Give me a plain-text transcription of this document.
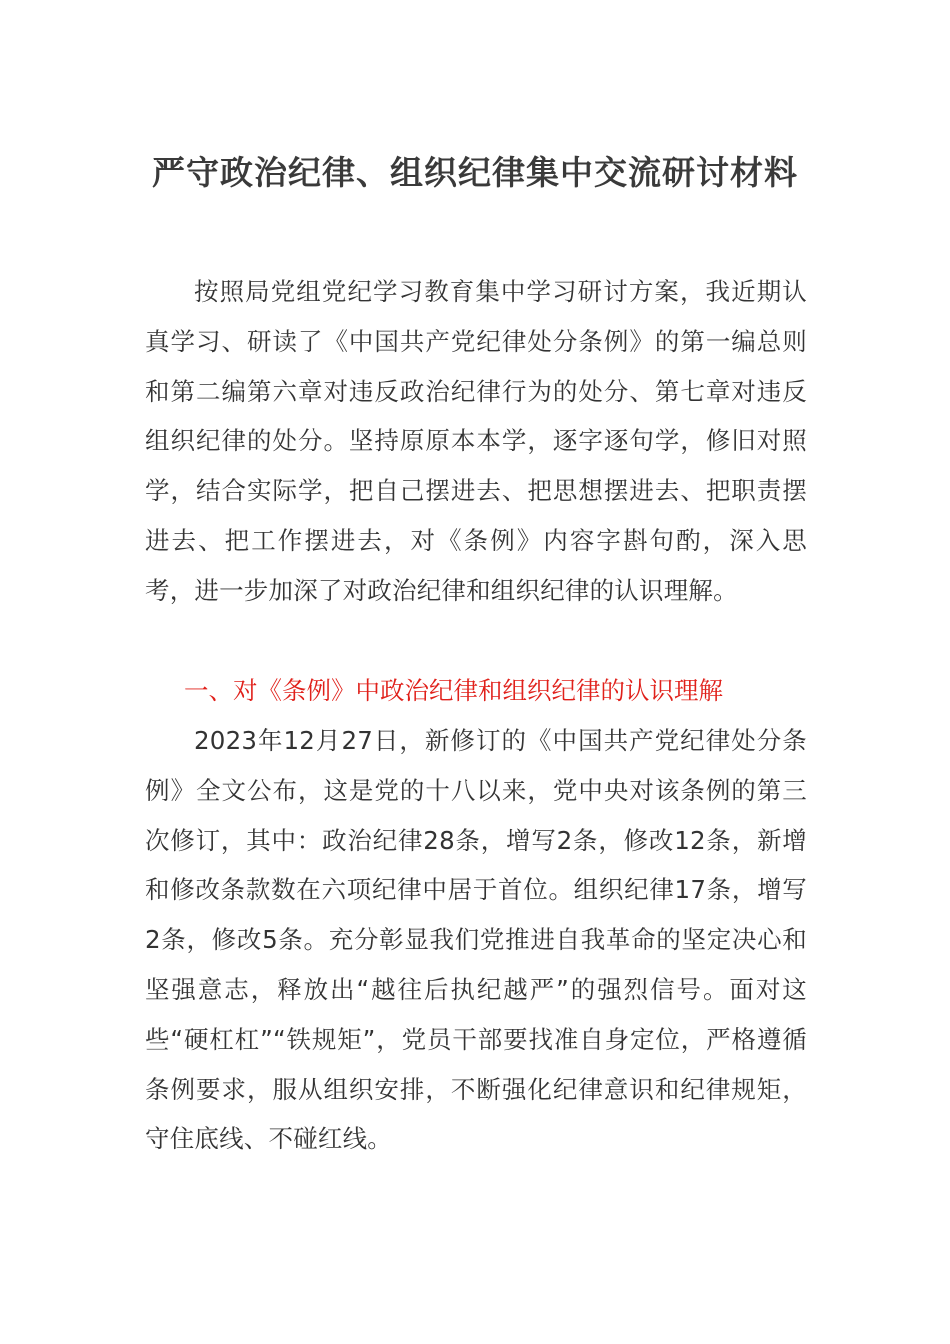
严守政治纪律、组织纪律集中交流研讨材料

按照局党组党纪学习教育集中学习研讨方案，我近期认真学习、研读了《中国共产党纪律处分条例》的第一编总则和第二编第六章对违反政治纪律行为的处分、第七章对违反组织纪律的处分。坚持原原本本学，逐字逐句学，修旧对照学，结合实际学，把自己摆进去、把思想摆进去、把职责摆进去、把工作摆进去，对《条例》内容字斟句酌，深入思考，进一步加深了对政治纪律和组织纪律的认识理解。

一、对《条例》中政治纪律和组织纪律的认识理解

2023年12月27日，新修订的《中国共产党纪律处分条例》全文公布，这是党的十八以来，党中央对该条例的第三次修订，其中：政治纪律28条，增写2条，修改12条，新增和修改条款数在六项纪律中居于首位。组织纪律17条，增写2条，修改5条。充分彰显我们党推进自我革命的坚定决心和坚强意志，释放出“越往后执纪越严”的强烈信号。面对这些“硬杠杠”“铁规矩”，党员干部要找准自身定位，严格遵循条例要求，服从组织安排，不断强化纪律意识和纪律规矩，守住底线、不碰红线。
